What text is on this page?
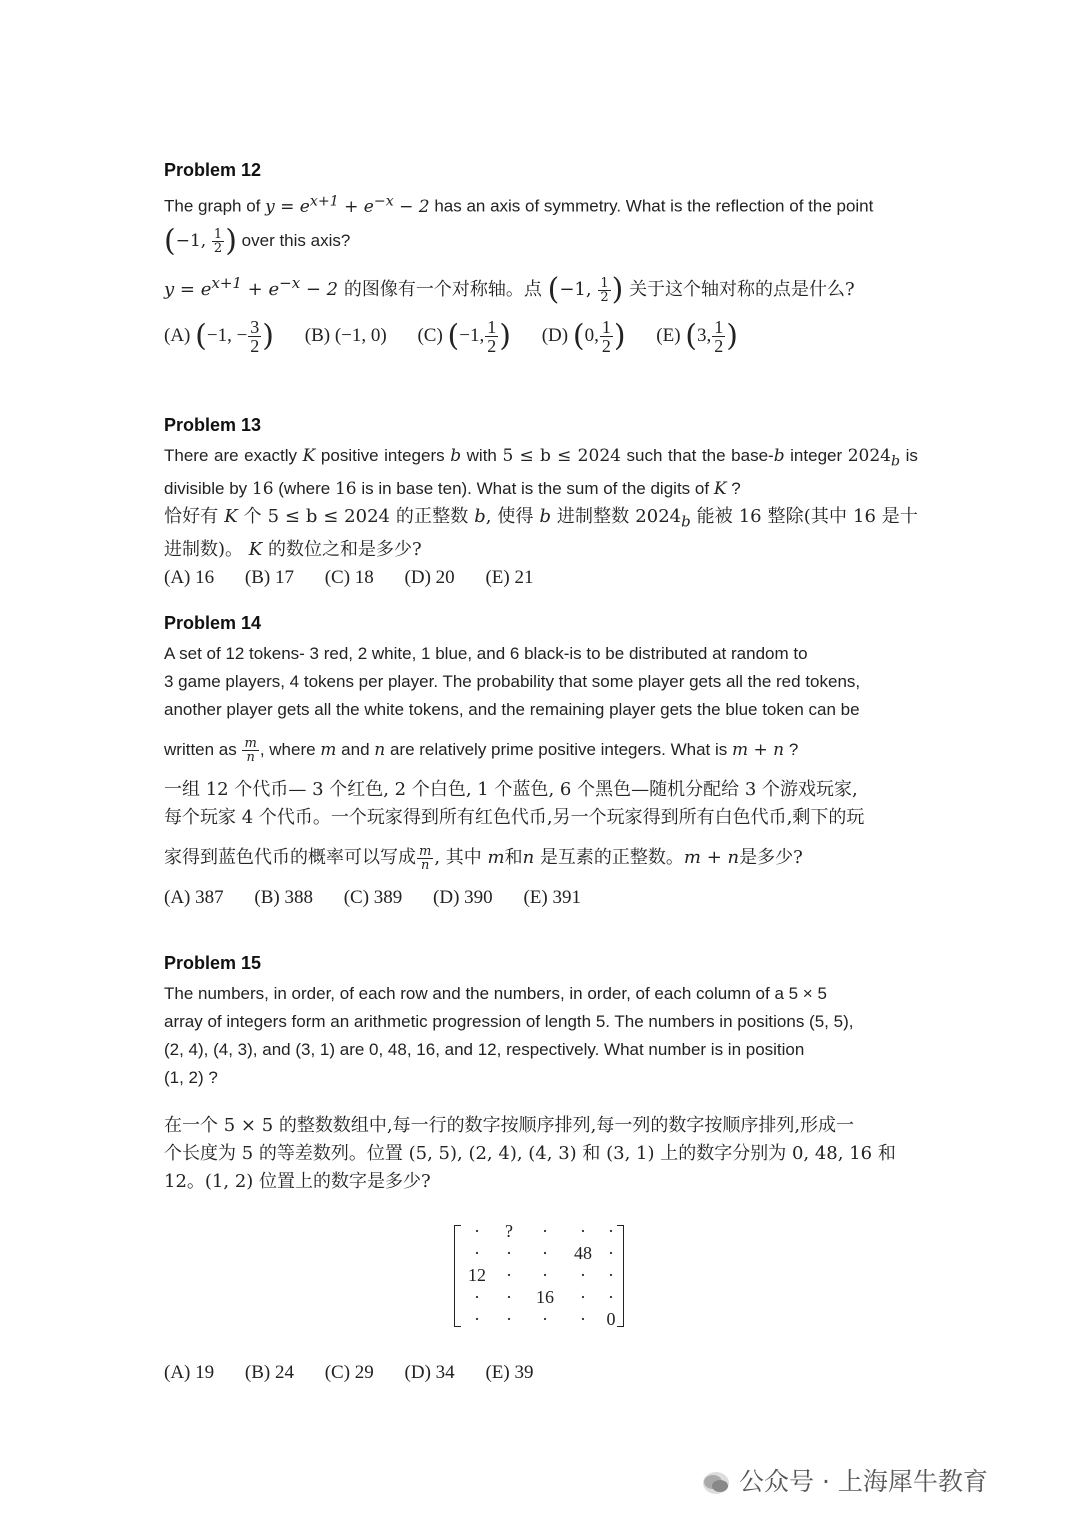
Problem 12

The graph of $y = e^{x+1} + e^{-x} - 2$ has an axis of symmetry. What is the reflection of the point

(−1, $\frac{1}{2}$ ) over this axis?

$y = e^{x+1} + e^{-x} - 2$ 的图像有一个对称轴。点 (−1, $\frac{1}{2}$ ) 关于这个轴对称的点是什么?

(A) (−1, − $\frac{3}{2}$ ) (B) (−1, 0) (C) (−1, $\frac{1}{2}$ ) (D) (0, $\frac{1}{2}$ ) (E) (3, $\frac{1}{2}$ )

Problem 13

There are exactly K positive integers b with 5 ≤ b ≤ 2024 such that the base-b integer $2024_b$ is divisible by 16 (where 16 is in base ten). What is the sum of the digits of K ?

恰好有 K 个 5 ≤ b ≤ 2024 的正整数 b, 使得 b 进制整数 $2024_b$ 能被 16 整除(其中 16 是十进制数)。 K 的数位之和是多少?

(A) 16 (B) 17 (C) 18 (D) 20 (E) 21

Problem 14

A set of 12 tokens- 3 red, 2 white, 1 blue, and 6 black-is to be distributed at random to

3 game players, 4 tokens per player. The probability that some player gets all the red tokens,

another player gets all the white tokens, and the remaining player gets the blue token can be

written as $\frac{m}{n}$ , where m and n are relatively prime positive integers. What is m + n ?

一组 12 个代币— 3 个红色, 2 个白色, 1 个蓝色, 6 个黑色—随机分配给 3 个游戏玩家,

每个玩家 4 个代币。一个玩家得到所有红色代币,另一个玩家得到所有白色代币,剩下的玩

家得到蓝色代币的概率可以写成 $\frac{m}{n}$ , 其中 m和n 是互素的正整数。m + n是多少?

(A) 387 (B) 388 (C) 389 (D) 390 (E) 391

Problem 15

The numbers, in order, of each row and the numbers, in order, of each column of a 5 × 5

array of integers form an arithmetic progression of length 5. The numbers in positions (5, 5),

(2, 4), (4, 3), and (3, 1) are 0, 48, 16, and 12, respectively. What number is in position

(1, 2) ?

在一个 5 × 5 的整数数组中,每一行的数字按顺序排列,每一列的数字按顺序排列,形成一

个长度为 5 的等差数列。位置 (5, 5), (2, 4), (4, 3) 和 (3, 1) 上的数字分别为 0, 48, 16 和

12。(1, 2) 位置上的数字是多少?

·	?	·	·	·
·	·	·	48 ·
12	·	·	·	·
·	·	16	·	·
·	·	·	·	0

(A) 19 (B) 24 (C) 29 (D) 34 (E) 39

公众号 · 上海犀牛教育
